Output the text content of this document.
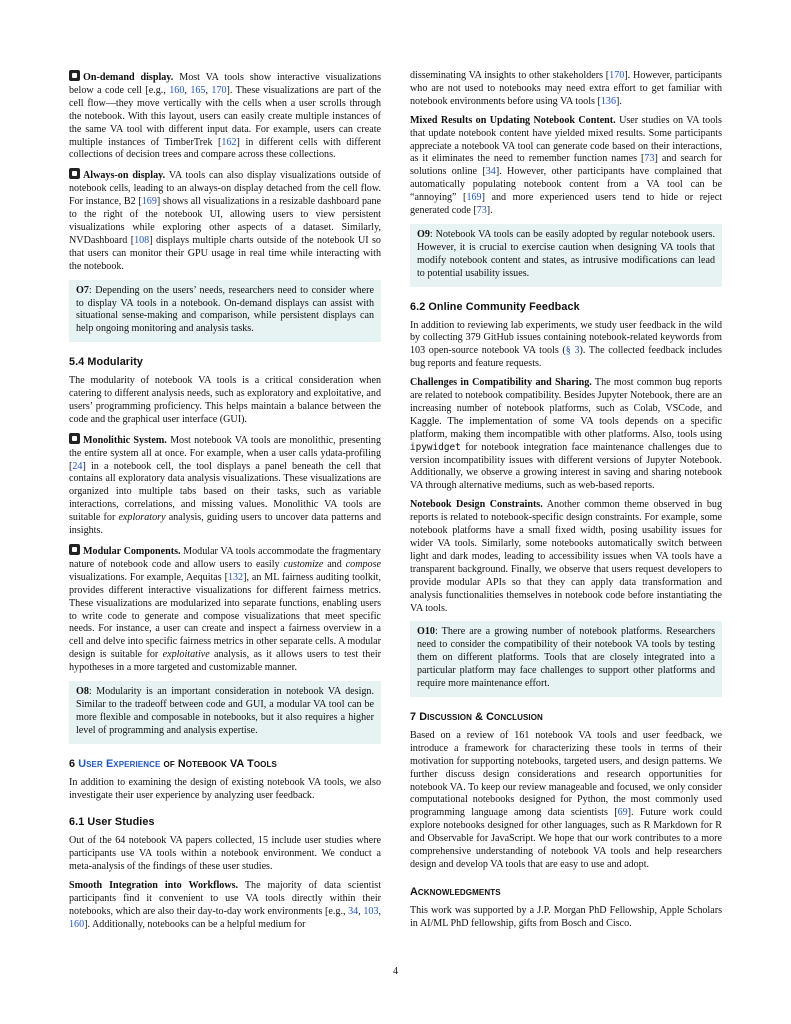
On-demand display. Most VA tools show interactive visualizations below a code cell [e.g., 160, 165, 170]. These visualizations are part of the cell flow—they move vertically with the cells when a user scrolls through the notebook. With this layout, users can easily create multiple instances of the same VA tool with different input data. For example, users can create multiple instances of TimberTrek [162] in different cells with different collections of decision trees and compare across these collections.

Always-on display. VA tools can also display visualizations outside of notebook cells, leading to an always-on display detached from the cell flow. For instance, B2 [169] shows all visualizations in a resizable dashboard pane to the right of the notebook UI, allowing users to view persistent visualizations while exploring other aspects of a dataset. Similarly, NVDashboard [108] displays multiple charts outside of the notebook UI so that users can monitor their GPU usage in real time while interacting with the notebook.

O7: Depending on the users’ needs, researchers need to consider where to display VA tools in a notebook. On-demand displays can assist with situational sense-making and comparison, while persistent displays can help ongoing monitoring and analysis tasks.
5.4 Modularity

The modularity of notebook VA tools is a critical consideration when catering to different analysis needs, such as exploratory and exploitative, and users’ programming proficiency. This helps maintain a balance between the code and the graphical user interface (GUI).

Monolithic System. Most notebook VA tools are monolithic, presenting the entire system all at once. For example, when a user calls ydata-profiling [24] in a notebook cell, the tool displays a panel beneath the cell that contains all exploratory data analysis visualizations. These visualizations are organized into multiple tabs based on their tasks, such as variable interactions, correlations, and missing values. Monolithic VA tools are suitable for exploratory analysis, guiding users to uncover data patterns and insights.

Modular Components. Modular VA tools accommodate the fragmentary nature of notebook code and allow users to easily customize and compose visualizations. For example, Aequitas [132], an ML fairness auditing toolkit, provides different interactive visualizations for different fairness metrics. These visualizations are modularized into separate functions, enabling users to write code to generate and compose visualizations that meet specific needs. For instance, a user can create and inspect a fairness overview in a cell and delve into specific fairness metrics in other separate cells. A modular design is suitable for exploitative analysis, as it allows users to test their hypotheses in a more targeted and customizable manner.

O8: Modularity is an important consideration in notebook VA design. Similar to the tradeoff between code and GUI, a modular VA tool can be more flexible and composable in notebooks, but it also requires a higher level of programming and analysis expertise.
6 User Experience of Notebook VA Tools

In addition to examining the design of existing notebook VA tools, we also investigate their user experience by analyzing user feedback.

6.1 User Studies

Out of the 64 notebook VA papers collected, 15 include user studies where participants use VA tools within a notebook environment. We conduct a meta-analysis of the findings of these user studies.

Smooth Integration into Workflows. The majority of data scientist participants find it convenient to use VA tools directly within their notebooks, which are also their day-to-day work environments [e.g., 34, 103, 160]. Additionally, notebooks can be a helpful medium for

disseminating VA insights to other stakeholders [170]. However, participants who are not used to notebooks may need extra effort to get familiar with notebook environments before using VA tools [136].

Mixed Results on Updating Notebook Content. User studies on VA tools that update notebook content have yielded mixed results. Some participants appreciate a notebook VA tool can generate code based on their interactions, as it eliminates the need to remember function names [73] and search for solutions online [34]. However, other participants have complained that automatically populating notebook content from a VA tool can be “annoying” [169] and more experienced users tend to hide or reject generated code [73].

O9: Notebook VA tools can be easily adopted by regular notebook users. However, it is crucial to exercise caution when designing VA tools that modify notebook content and states, as intrusive modifications can lead to potential usability issues.
6.2 Online Community Feedback

In addition to reviewing lab experiments, we study user feedback in the wild by collecting 379 GitHub issues containing notebook-related keywords from 103 open-source notebook VA tools (§ 3). The collected feedback includes bug reports and feature requests.

Challenges in Compatibility and Sharing. The most common bug reports are related to notebook compatibility. Besides Jupyter Notebook, there are an increasing number of notebook platforms, such as Colab, VSCode, and Kaggle. The implementation of some VA tools depends on a specific platform, making them incompatible with other platforms. Also, tools using ipywidget for notebook integration face maintenance challenges due to version incompatibility issues with different versions of Jupyter Notebook. Additionally, we observe a growing interest in saving and sharing notebook VA through alternative mediums, such as web-based reports.

Notebook Design Constraints. Another common theme observed in bug reports is related to notebook-specific design constraints. For example, some notebook platforms have a small fixed width, posing usability issues for wider VA tools. Similarly, some notebooks automatically switch between light and dark modes, leading to accessibility issues when VA tools have a transparent background. Finally, we observe that users request developers to provide modular APIs so that they can apply data transformation and analysis functionalities themselves in notebook code before instantiating the VA tools.

O10: There are a growing number of notebook platforms. Researchers need to consider the compatibility of their notebook VA tools by testing them on different platforms. Tools that are closely integrated into a particular platform may face challenges to support other platforms and require more maintenance effort.
7 Discussion & Conclusion

Based on a review of 161 notebook VA tools and user feedback, we introduce a framework for characterizing these tools in terms of their motivation for supporting notebooks, targeted users, and design patterns. We further discuss design considerations and research opportunities for notebook VA. To keep our review manageable and focused, we only consider computational notebooks designed for Python, the most commonly used programming language among data scientists [69]. Future work could explore notebooks designed for other languages, such as R Markdown for R and Observable for JavaScript. We hope that our work contributes to a more comprehensive understanding of notebook VA tools and help researchers design and develop VA tools that are easy to use and adopt.

Acknowledgments

This work was supported by a J.P. Morgan PhD Fellowship, Apple Scholars in AI/ML PhD fellowship, gifts from Bosch and Cisco.

4
